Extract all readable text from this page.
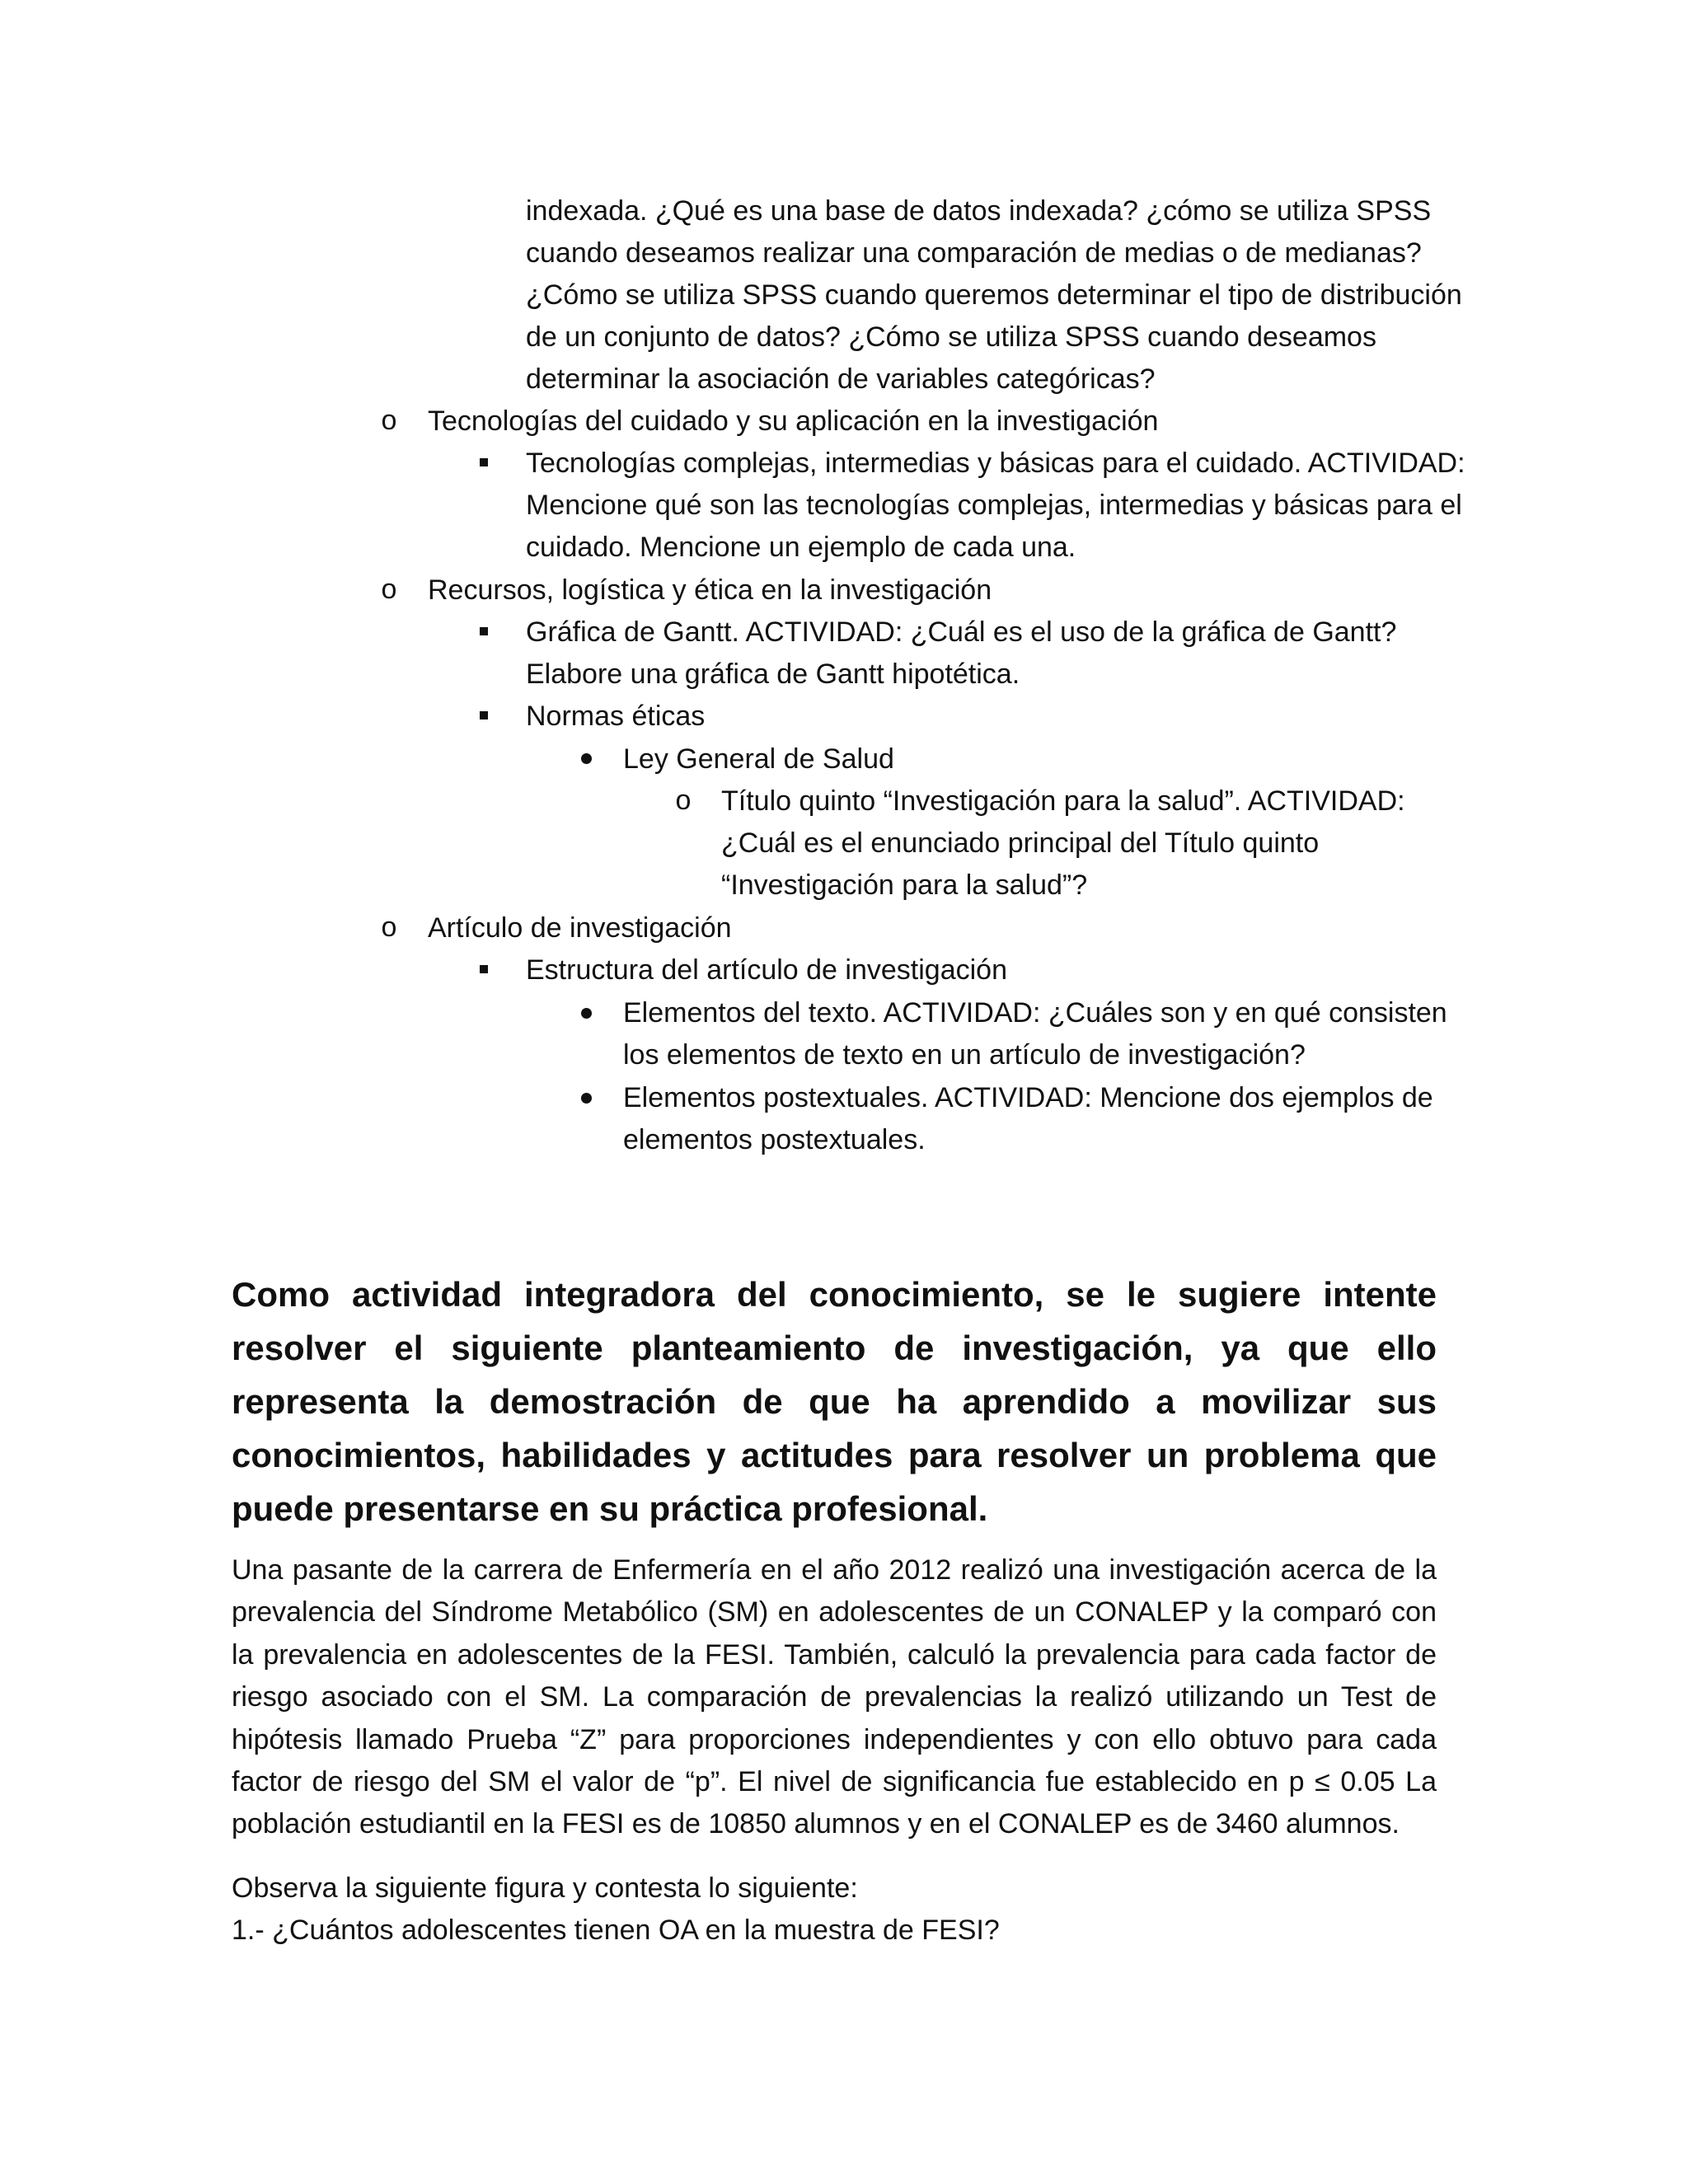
indexada. ¿Qué es una base de datos indexada? ¿cómo se utiliza SPSS
cuando deseamos realizar una comparación de medias o de medianas?
¿Cómo se utiliza SPSS cuando queremos determinar el tipo de distribución
de un conjunto de datos? ¿Cómo se utiliza SPSS cuando deseamos
determinar la asociación de variables categóricas?
o Tecnologías del cuidado y su aplicación en la investigación
Tecnologías complejas, intermedias y básicas para el cuidado. ACTIVIDAD:
Mencione qué son las tecnologías complejas, intermedias y básicas para el
cuidado. Mencione un ejemplo de cada una.
o Recursos, logística y ética en la investigación
Gráfica de Gantt. ACTIVIDAD: ¿Cuál es el uso de la gráfica de Gantt?
Elabore una gráfica de Gantt hipotética.
Normas éticas
Ley General de Salud
o Título quinto “Investigación para la salud”. ACTIVIDAD:
¿Cuál es el enunciado principal del Título quinto
“Investigación para la salud”?
o Artículo de investigación
Estructura del artículo de investigación
Elementos del texto. ACTIVIDAD: ¿Cuáles son y en qué consisten
los elementos de texto en un artículo de investigación?
Elementos postextuales. ACTIVIDAD: Mencione dos ejemplos de
elementos postextuales.
Como actividad integradora del conocimiento, se le sugiere intente resolver el siguiente planteamiento de investigación, ya que ello representa la demostración de que ha aprendido a movilizar sus conocimientos, habilidades y actitudes para resolver un problema que puede presentarse en su práctica profesional.
Una pasante de la carrera de Enfermería en el año 2012 realizó una investigación acerca de la prevalencia del Síndrome Metabólico (SM) en adolescentes de un CONALEP y la comparó con la prevalencia en adolescentes de la FESI. También, calculó la prevalencia para cada factor de riesgo asociado con el SM. La comparación de prevalencias la realizó utilizando un Test de hipótesis llamado Prueba “Z” para proporciones independientes y con ello obtuvo para cada factor de riesgo del SM el valor de “p”. El nivel de significancia fue establecido en p ≤ 0.05 La población estudiantil en la FESI es de 10850 alumnos y en el CONALEP es de 3460 alumnos.
Observa la siguiente figura y contesta lo siguiente:
1.- ¿Cuántos adolescentes tienen OA en la muestra de FESI?
